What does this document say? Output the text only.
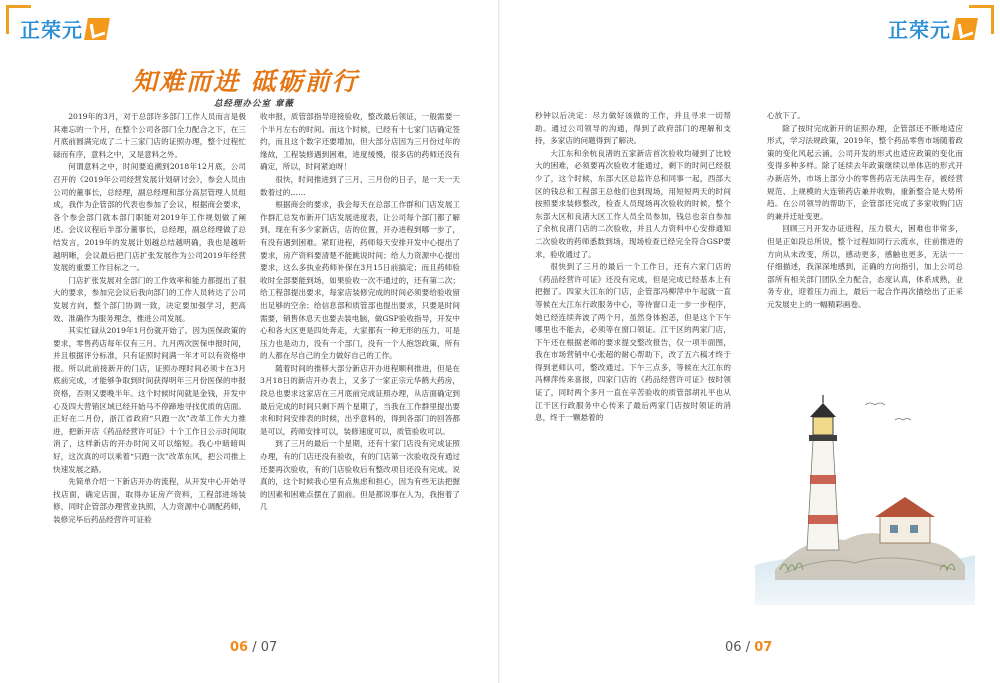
正荣元
知难而进 砥砺前行
总经理办公室 章薇

2019年的3月，对于总部许多部门工作人员而言是极其难忘的一个月，在整个公司各部门全力配合之下，在三月底前圆满完成了二十三家门店的证照办理，整个过程忙碌而有序，意料之中，又是意料之外。

何谓意料之中，时间要追溯到2018年12月底，公司召开的《2019年公司经营发展计划研讨会》，参会人员由公司的董事长，总经理，副总经理和部分高层管理人员组成，我作为企管部的代表也参加了会议，根据商会要求，各个参会部门就本部门职能对2019年工作规划做了阐述。会议议程后半部分董事长，总经理，副总经理做了总结发言，2019年的发展计划越总结越明确，我也是越听越明晰，会议最后把门店扩张发展作为公司2019年经营发展的重要工作目标之一。

门店扩张发展对全部门的工作效率和能力都提出了很大的要求，参加完会议后我向部门的工作人员转达了公司发展方向，整个部门协调一致，决定要加强学习，把高效、准确作为服务理念，推进公司发展。

其实忙碌从2019年1月份就开始了。因为医保政策的要求，零售药店每年仅有三月、九月两次医保申报时间，并且根据评分标准，只有证照时间满一年才可以有资格申报。所以此前接新开的门店，证照办理时间必须卡在3月底前完成，才能够争取到时间获得明年三月份医保的申报资格，否则又要晚半年。这个时候时间就是金钱，开发中心及四大营销区域已经开始马不停蹄地寻找优质的店面。正好在二月份，浙江省政府“只跑一次”改革工作大力推进，把新开店《药品经营许可证》十个工作日公示时间取消了，这样新店的开办时间又可以缩短。我心中暗暗叫好，这次真的可以乘着“只跑一次”改革东风，把公司推上快速发展之路。

先简单介绍一下新店开办的流程，从开发中心开始寻找店面，确定店面，取得办证房产资料，工程部进场装修，同时企管部办理营业执照，人力资源中心调配药师，装修完毕后药品经营许可证验

收申报，质管部指导迎接验收，整改最后领证，一般需要一个半月左右的时间。而这个时候，已经有十七家门店确定签约，而且这个数字还要增加，但大部分店因为三月份过年的缘故，工程装修遇到困难，进度缓慢，很多店的药师还没有确定，所以，时间紧迫呀！

很快，时间推进到了三月，三月份的日子，是一天一天数着过的……

根据商会的要求，我会每天在总部工作群和门店发展工作群汇总发布新开门店发展进度表，让公司每个部门都了解到，现在有多少家新店，店的位置，开办进程到哪一步了，有没有遇到困难。紧盯进程，药师每天安排开发中心提出了要求，房产资料要清楚不能跳说时间；给人力资源中心提出要求，这么多执业药师补保在3月15日前搞定；而且药师验收时全部要能到场，如果验收一次不通过的，还有第二次；给工程部提出要求，每家店装修完成的时间必须要给验收留出足够的空余；给信息部和质管部也提出要求，只要是时间需要，销售休息天也要去装电脑，做GSP验收指导，开发中心和各大区更是四处奔走，大家都有一种无形的压力，可是压力也是动力，没有一个部门，没有一个人抱怨政策，所有的人都在尽自己的全力做好自己的工作。

随着时间的推移大部分新店开办进程顺利推进，但是在3月18日的新店开办表上，又多了一家正宗元华鹤大药房，段总也要求这家店在三月底前完成证照办理，从店面确定到最后完成的时间只剩下两个星期了，当我在工作群里提出要求和时间安排表的时候，出乎意料的，得到各部门的回答都是可以，药师安排可以，装修速度可以，质管验收可以。

到了三月的最后一个星期，还有十家门店没有完成证照办理，有的门店还没有验收，有的门店第一次验收没有通过还要再次验收，有的门店验收后有整改项目还没有完成。说真的，这个时候我心里有点焦虑和担心，因为有些无法把握的因素和困难点摆在了面前。但是都说事在人为，我抱着了几

06 / 07
正荣元

秒钟以后决定：尽力做好该做的工作，并且寻求一切帮助。通过公司领导的沟通，得到了政府部门的理解和支持，多家店的问题得到了解决。

大江东和余杭良渚的五家新店首次验收均碰到了比较大的困难，必须要再次验收才能通过，剩下的时间已经很少了，这个时候，东部大区总监许总和同事一起，西部大区的钱总和工程部王总他们也到现场，用短短两天的时间按照要求装修整改，检查人员现场再次验收的时候，整个东部大区和良渚大区工作人员全员参加，钱总也亲自参加了余杭良渚门店的二次验收，并且人力资料中心安排通知二次验收的药师悉数到场，现场检查已经完全符合GSP要求，验收通过了。

很快到了三月的最后一个工作日，还有六家门店的《药品经营许可证》还没有完成，但是完成已经基本上有把握了。四家大江东的门店，企管部冯柳萍中午起就一直等候在大江东行政服务中心，等待窗口走一步一步程序，她已经连续奔波了两个月，虽然身体抱恙，但是这个下午哪里也不能去，必须等在窗口领证。江干区的两家门店，下午还在根据老师的要求提交整改报告，仅一项半面图，我在市场营销中心张超的耐心帮助下，改了五六稿才终于得到老师认可，整改通过。下午三点多，等候在大江东的冯柳萍传来喜报，四家门店的《药品经营许可证》按时领证了，同时两个多月一直在辛苦验收的质管部胡礼平也从江干区行政服务中心传来了最后两家门店按时领证的消息，终于一颗悬着的

心放下了。

除了按时完成新开的证照办理，企管部还不断地适应形式，学习法规政策，2019年，整个药品零售市场随着政策的变化风起云涌，公司开发的形式也适应政策的变化而变得多种多样。除了延续去年政策继续以单体店的形式开办新店外，市场上部分小的零售药店无法再生存，被经营规范、上规模的大连锁药店兼并收购，重新整合是大势所趋。在公司领导的帮助下，企管部还完成了多家收购门店的兼并迁址变更。

回顾三月开发办证进程，压力很大，困难也非常多，但是正如段总所说，整个过程如同行云流水，往前推进的方向从未改变，所以，感动更多，感触也更多，无法一一仔细描述，我深深地感到，正确的方向指引，加上公司总部所有相关部门团队全力配合，态度认真，体系成熟，业务专业，迎着压力而上，最后一起合作再次描绘出了正采元发展史上的一幅精彩画卷。

06 / 07
